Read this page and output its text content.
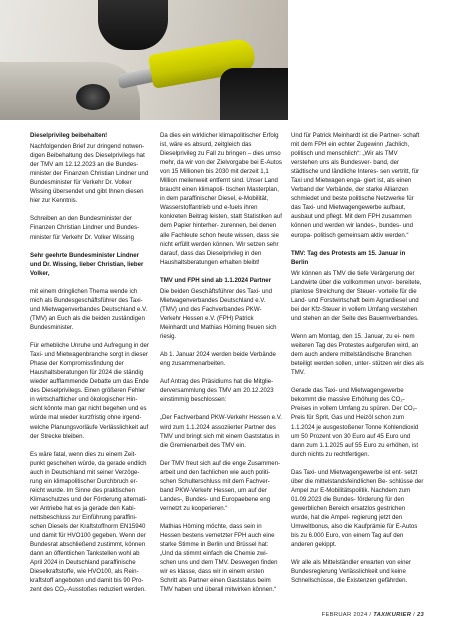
Dieselprivileg beibehalten!
Nachfolgenden Brief zur dringend notwen- digen Beibehaltung des Dieselprivilegs hat der TMV am 12.12.2023 an die Bundes- minister der Finanzen Christian Lindner und Bundesminister für Verkehr Dr. Volker Wissing übersendet und gibt Ihnen diesen hier zur Kenntnis.
Schreiben an den Bundesminister der Finanzen Christian Lindner und Bundes- minister für Verkehr Dr. Volker Wissing
Sehr geehrte Bundesminister Lindner und Dr. Wissing, lieber Christian, lieber Volker,
mit einem dringlichen Thema wende ich mich als Bundesgeschäftsführer des Taxi- und Mietwagenverbandes Deutschland e.V. (TMV) an Euch als die beiden zuständigen Bundesminister.
Für erhebliche Unruhe und Aufregung in der Taxi- und Mietwagenbranche sorgt in dieser Phase der Kompromissfindung der Haushaltsberatungen für 2024 die ständig wieder aufflammende Debatte um das Ende des Dieselprivilegs. Einen größeren Fehler in wirtschaftlicher und ökologischer Hin- sicht könnte man gar nicht begehen und es würde mal wieder kurzfristig ohne irgend- welche Planungsvorläufe Verlässlichkeit auf der Strecke bleiben.
Es wäre fatal, wenn dies zu einem Zeit- punkt geschehen würde, da gerade endlich auch in Deutschland mit seiner Verzöge- rung ein klimapolitischer Durchbruch er- reicht wurde. Im Sinne des praktischen Klimaschutzes und der Förderung alternati- ver Antriebe hat es ja gerade den Kabi- nettsbeschluss zur Einführung paraffini- schen Diesels der Kraftstoffnorm EN15940 und damit für HVO100 gegeben. Wenn der Bundesrat abschließend zustimmt, können dann an öffentlichen Tankstellen wohl ab April 2024 in Deutschland paraffinische Dieselkraftstoffe, wie HVO100, als Rein- kraftstoff angeboten und damit bis 90 Pro- zent des CO₂-Ausstoßes reduziert werden.
Da dies ein wirklicher klimapolitischer Erfolg ist, wäre es absurd, zeitgleich das Dieselprivileg zu Fall zu bringen – dies umso mehr, da wir von der Zielvorgabe bei E-Autos von 15 Millionen bis 2030 mit derzeit 1,1 Million meilenweit entfernt sind. Unser Land braucht einen klimapoli- tischen Masterplan, in dem paraffinischer Diesel, e-Mobilität, Wasserstoffantrieb und e-fuels ihren konkreten Beitrag leisten, statt Statistiken auf dem Papier hinterher- zurennen, bei denen alle Fachleute schon heute wissen, dass sie nicht erfüllt werden können. Wir setzen sehr darauf, dass das Dieselprivileg in den Haushaltsberatungen erhalten bleibt!
TMV und FPH sind ab 1.1.2024 Partner
Die beiden Geschäftsführer des Taxi- und Mietwagenverbandes Deutschland e.V. (TMV) und des Fachverbandes PKW-Verkehr Hessen e.V. (FPH) Patrick Meinhardt und Mathias Hörning freuen sich riesig.
Ab 1. Januar 2024 werden beide Verbände eng zusammenarbeiten.
Auf Antrag des Präsidiums hat die Mitglie- derversammlung des TMV am 20.12.2023 einstimmig beschlossen:
„Der Fachverband PKW-Verkehr Hessen e.V. wird zum 1.1.2024 assoziierter Partner des TMV und bringt sich mit einem Gaststatus in die Gremienarbeit des TMV ein.
Der TMV freut sich auf die enge Zusammen- arbeit und den fachlichen wie auch politi- schen Schulterschluss mit dem Fachver- band PKW-Verkehr Hessen, um auf der Landes-, Bundes- und Europaebene eng vernetzt zu kooperieren.“
Mathias Hörning möchte, dass sein in Hessen bestens vernetzter FPH auch eine starke Stimme in Berlin und Brüssel hat: „Und da stimmt einfach die Chemie zwi- schen uns und dem TMV. Deswegen finden wir es klasse, dass wir in einem ersten Schritt als Partner einen Gaststatus beim TMV haben und überall mitwirken können.“
Und für Patrick Meinhardt ist die Partner- schaft mit dem FPH ein echter Zugewinn „fachlich, politisch und menschlich“: „Wir als TMV verstehen uns als Bundesver- band, der städtische und ländliche Interes- sen vertritt, für Taxi und Mietwagen enga- giert ist, als einen Verband der Verbände, der starke Allianzen schmiedet und beste politische Netzwerke für das Taxi- und Mietwagengewerbe aufbaut, ausbaut und pflegt. Mit dem FPH zusammen können und werden wir landes-, bundes- und europa- politisch gemeinsam aktiv werden.“
TMV: Tag des Protests am 15. Januar in Berlin
Wir können als TMV die tiefe Verärgerung der Landwirte über die vollkommen unvor- bereitete, planlose Streichung der Steuer- vorteile für die Land- und Forstwirtschaft beim Agrardiesel und bei der Kfz-Steuer in vollem Umfang verstehen und stehen an der Seite des Bauernverbandes.
Wenn am Montag, den 15. Januar, zu ei- nem weiteren Tag des Protestes aufgerufen wird, an dem auch andere mittelständische Branchen beteiligt werden sollen, unter- stützen wir dies als TMV.
Gerade das Taxi- und Mietwagengewerbe bekommt die massive Erhöhung des CO₂-Preises in vollem Umfang zu spüren. Der CO₂-Preis für Sprit, Gas und Heizöl schon zum 1.1.2024 je ausgestoßener Tonne Kohlendioxid um 50 Prozent von 30 Euro auf 45 Euro und dann zum 1.1.2025 auf 55 Euro zu erhöhen, ist durch nichts zu rechtfertigen.
Das Taxi- und Mietwagengewerbe ist ent- setzt über die mittelstandsfeindlichen Be- schlüsse der Ampel zur E-Mobilitätspolitik. Nachdem zum 01.09.2023 die Bundes- förderung für den gewerblichen Bereich ersatzlos gestrichen wurde, hat die Ampel- regierung jetzt den Umweltbonus, also die Kaufprämie für E-Autos bis zu 6.000 Euro, von einem Tag auf den anderen gekippt.
Wir alle als Mittelständler erwarten von einer Bundesregierung Verlässlichkeit und keine Schnellschüsse, die Existenzen gefährden.
FEBRUAR 2024 / TAXIKURIER / 23
